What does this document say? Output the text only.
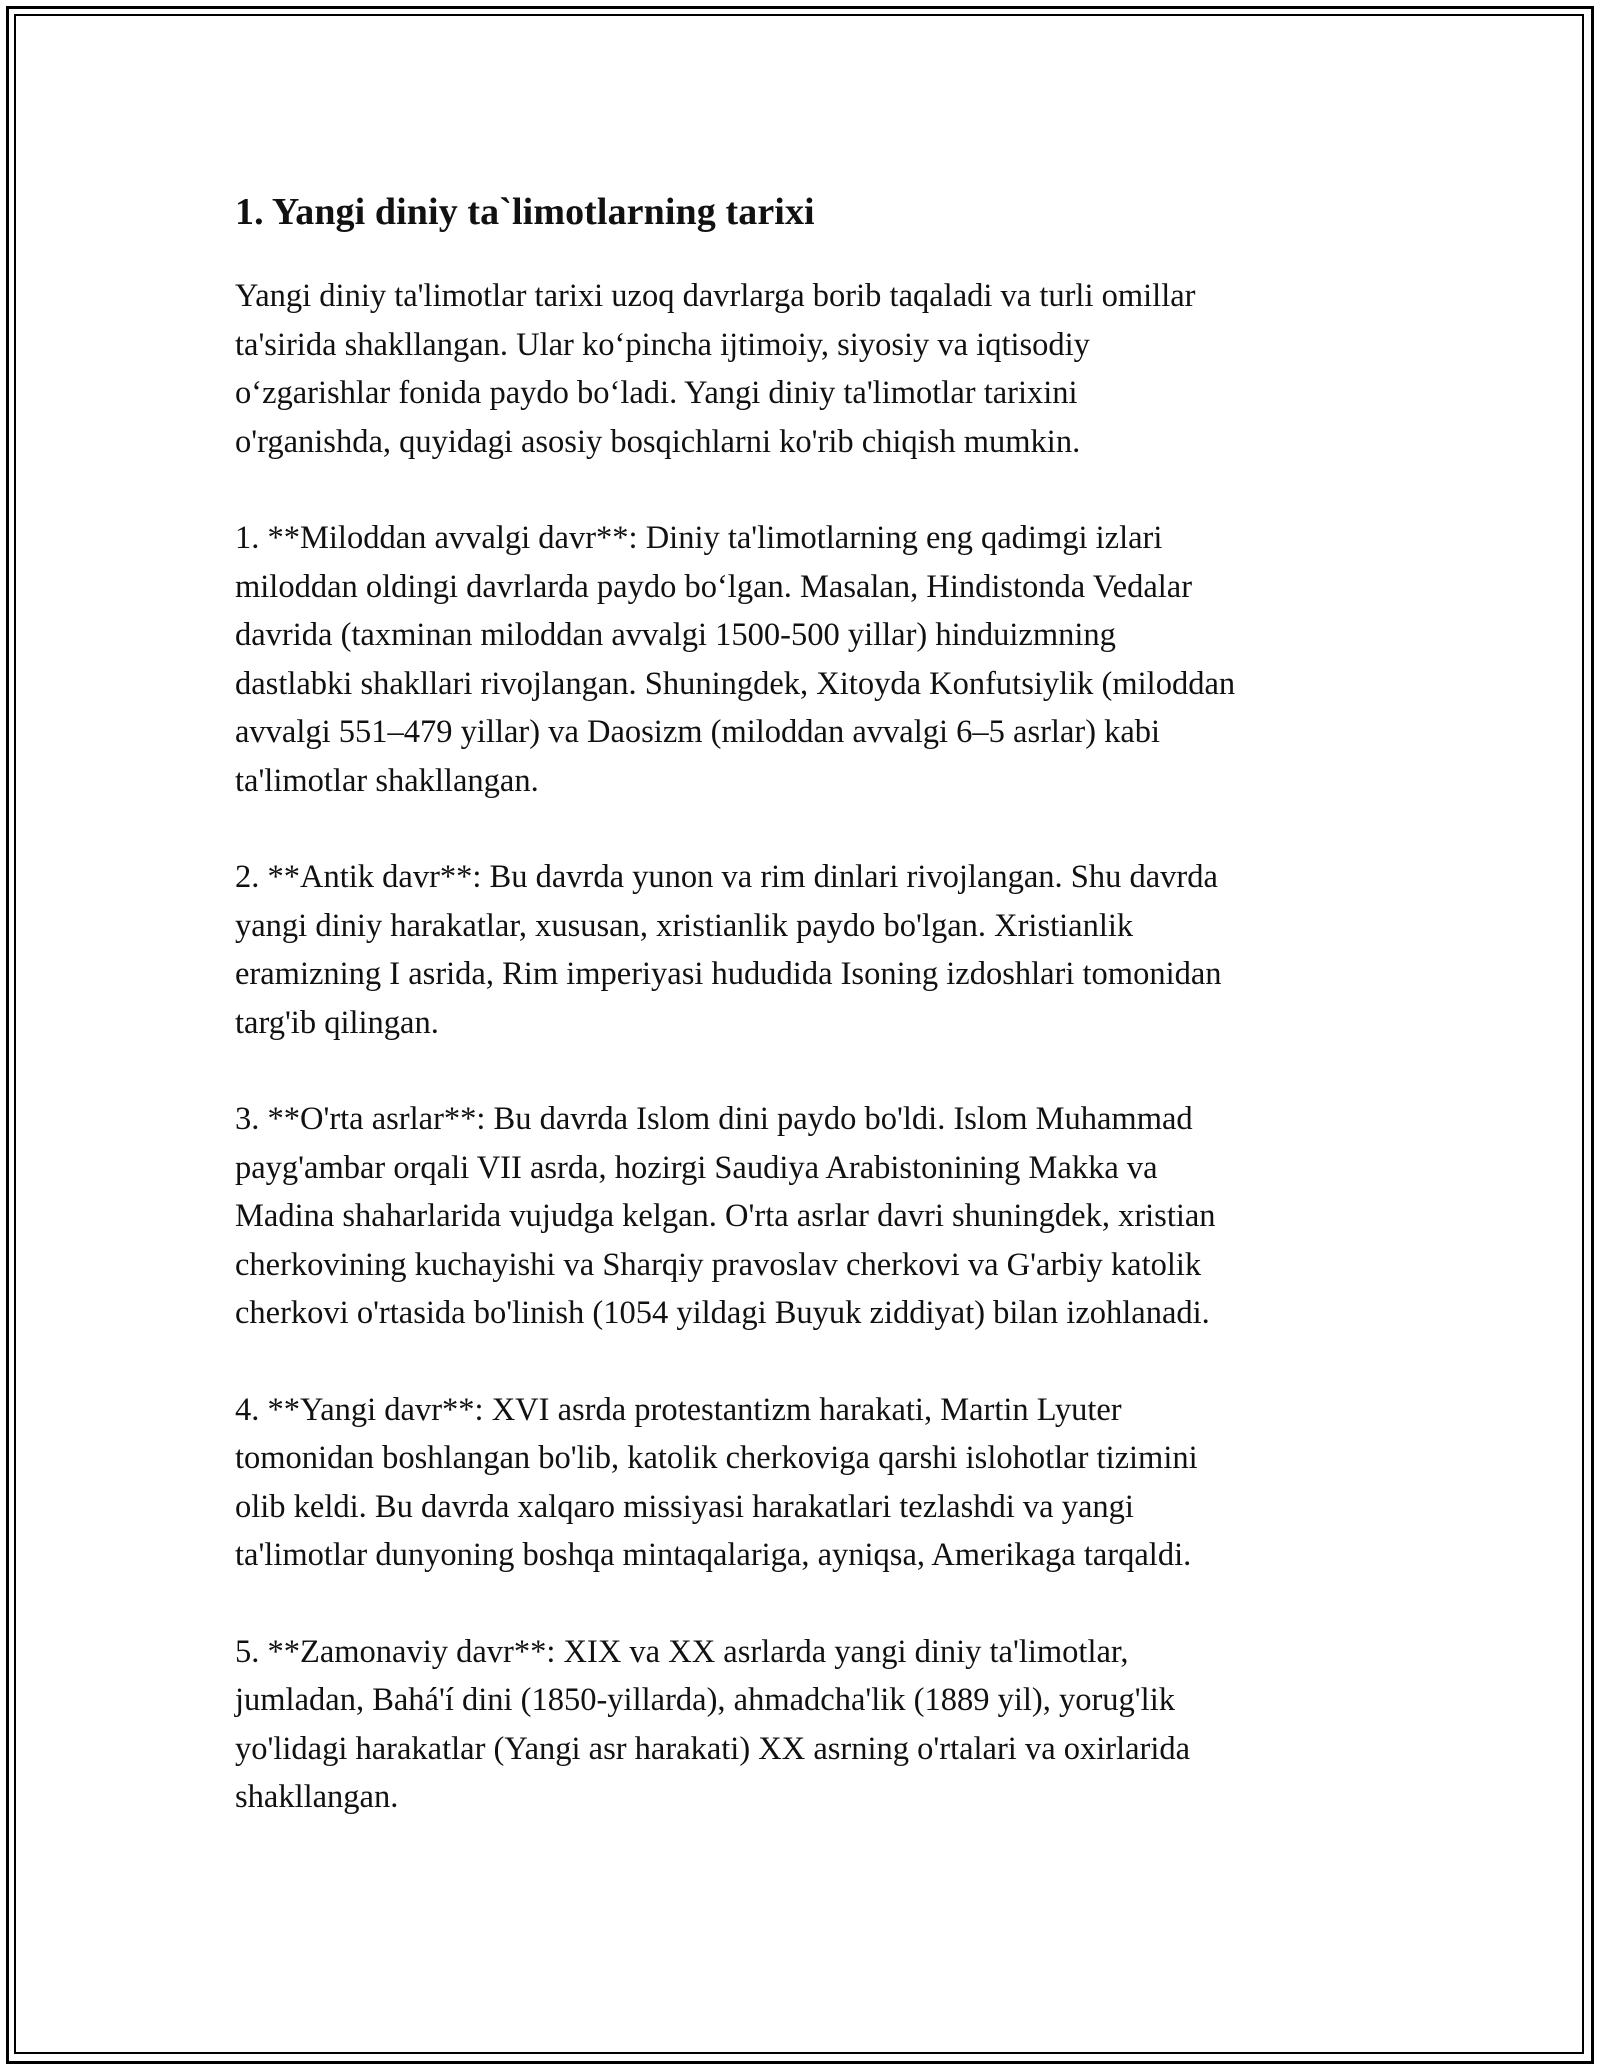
1. Yangi diniy ta`limotlarning tarixi

Yangi diniy ta'limotlar tarixi uzoq davrlarga borib taqaladi va turli omillar
ta'sirida shakllangan. Ular ko‘pincha ijtimoiy, siyosiy va iqtisodiy
o‘zgarishlar fonida paydo bo‘ladi. Yangi diniy ta'limotlar tarixini
o'rganishda, quyidagi asosiy bosqichlarni ko'rib chiqish mumkin.

1. **Miloddan avvalgi davr**: Diniy ta'limotlarning eng qadimgi izlari
miloddan oldingi davrlarda paydo bo‘lgan. Masalan, Hindistonda Vedalar
davrida (taxminan miloddan avvalgi 1500-500 yillar) hinduizmning
dastlabki shakllari rivojlangan. Shuningdek, Xitoyda Konfutsiylik (miloddan
avvalgi 551–479 yillar) va Daosizm (miloddan avvalgi 6–5 asrlar) kabi
ta'limotlar shakllangan.

2. **Antik davr**: Bu davrda yunon va rim dinlari rivojlangan. Shu davrda
yangi diniy harakatlar, xususan, xristianlik paydo bo'lgan. Xristianlik
eramizning I asrida, Rim imperiyasi hududida Isoning izdoshlari tomonidan
targ'ib qilingan.

3. **O'rta asrlar**: Bu davrda Islom dini paydo bo'ldi. Islom Muhammad
payg'ambar orqali VII asrda, hozirgi Saudiya Arabistonining Makka va
Madina shaharlarida vujudga kelgan. O'rta asrlar davri shuningdek, xristian
cherkovining kuchayishi va Sharqiy pravoslav cherkovi va G'arbiy katolik
cherkovi o'rtasida bo'linish (1054 yildagi Buyuk ziddiyat) bilan izohlanadi.

4. **Yangi davr**: XVI asrda protestantizm harakati, Martin Lyuter
tomonidan boshlangan bo'lib, katolik cherkoviga qarshi islohotlar tizimini
olib keldi. Bu davrda xalqaro missiyasi harakatlari tezlashdi va yangi
ta'limotlar dunyoning boshqa mintaqalariga, ayniqsa, Amerikaga tarqaldi.

5. **Zamonaviy davr**: XIX va XX asrlarda yangi diniy ta'limotlar,
jumladan, Bahá'í dini (1850-yillarda), ahmadcha'lik (1889 yil), yorug'lik
yo'lidagi harakatlar (Yangi asr harakati) XX asrning o'rtalari va oxirlarida
shakllangan.
